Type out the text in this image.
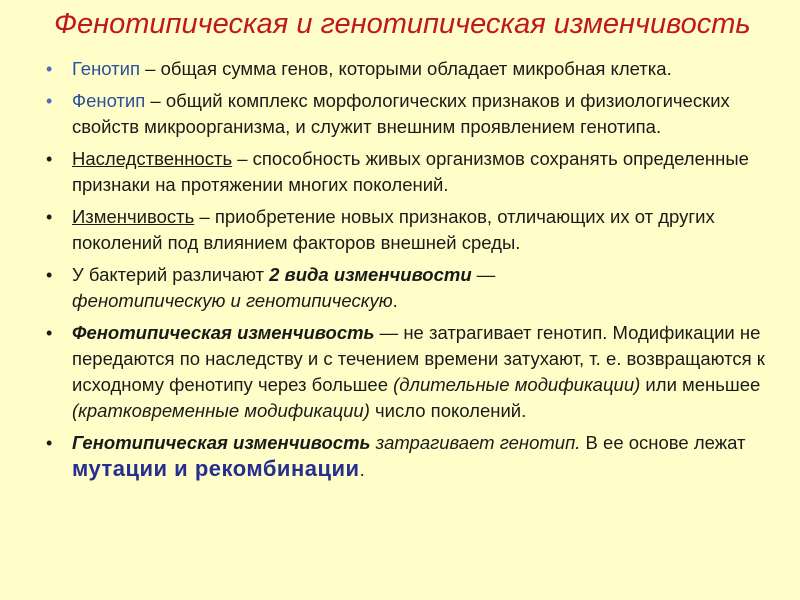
Фенотипическая и генотипическая изменчивость
•	Генотип – общая сумма генов, которыми обладает микробная клетка.
•	Фенотип – общий комплекс морфологических признаков и физиологических свойств микроорганизма, и служит внешним проявлением генотипа.
•	Наследственность – способность живых организмов сохранять определенные признаки на протяжении многих поколений.
•	Изменчивость – приобретение новых признаков, отличающих их от других поколений под влиянием факторов внешней среды.
•	У бактерий различают 2 вида изменчивости —
фенотипическую и генотипическую.
•	Фенотипическая изменчивость — не затрагивает генотип. Модификации не передаются по наследству и с течением времени затухают, т. е. возвращаются к исходному фенотипу через большее (длительные модификации) или меньшее (кратковременные модификации) число поколений.
•	Генотипическая изменчивость затрагивает генотип. В ее основе лежат мутации и рекомбинации.
